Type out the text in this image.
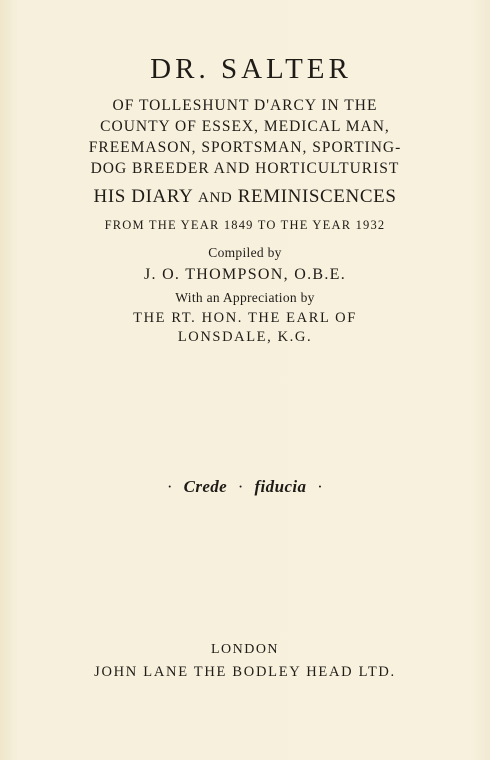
DR. SALTER
OF TOLLESHUNT D'ARCY IN THE
COUNTY OF ESSEX, MEDICAL MAN,
FREEMASON, SPORTSMAN, SPORTING-
DOG BREEDER AND HORTICULTURIST
HIS DIARY AND REMINISCENCES
FROM THE YEAR 1849 TO THE YEAR 1932
Compiled by
J. O. THOMPSON, O.B.E.
With an Appreciation by
THE RT. HON. THE EARL OF
LONSDALE, K.G.
· Crede · fiducia ·
LONDON
JOHN LANE THE BODLEY HEAD LTD.
